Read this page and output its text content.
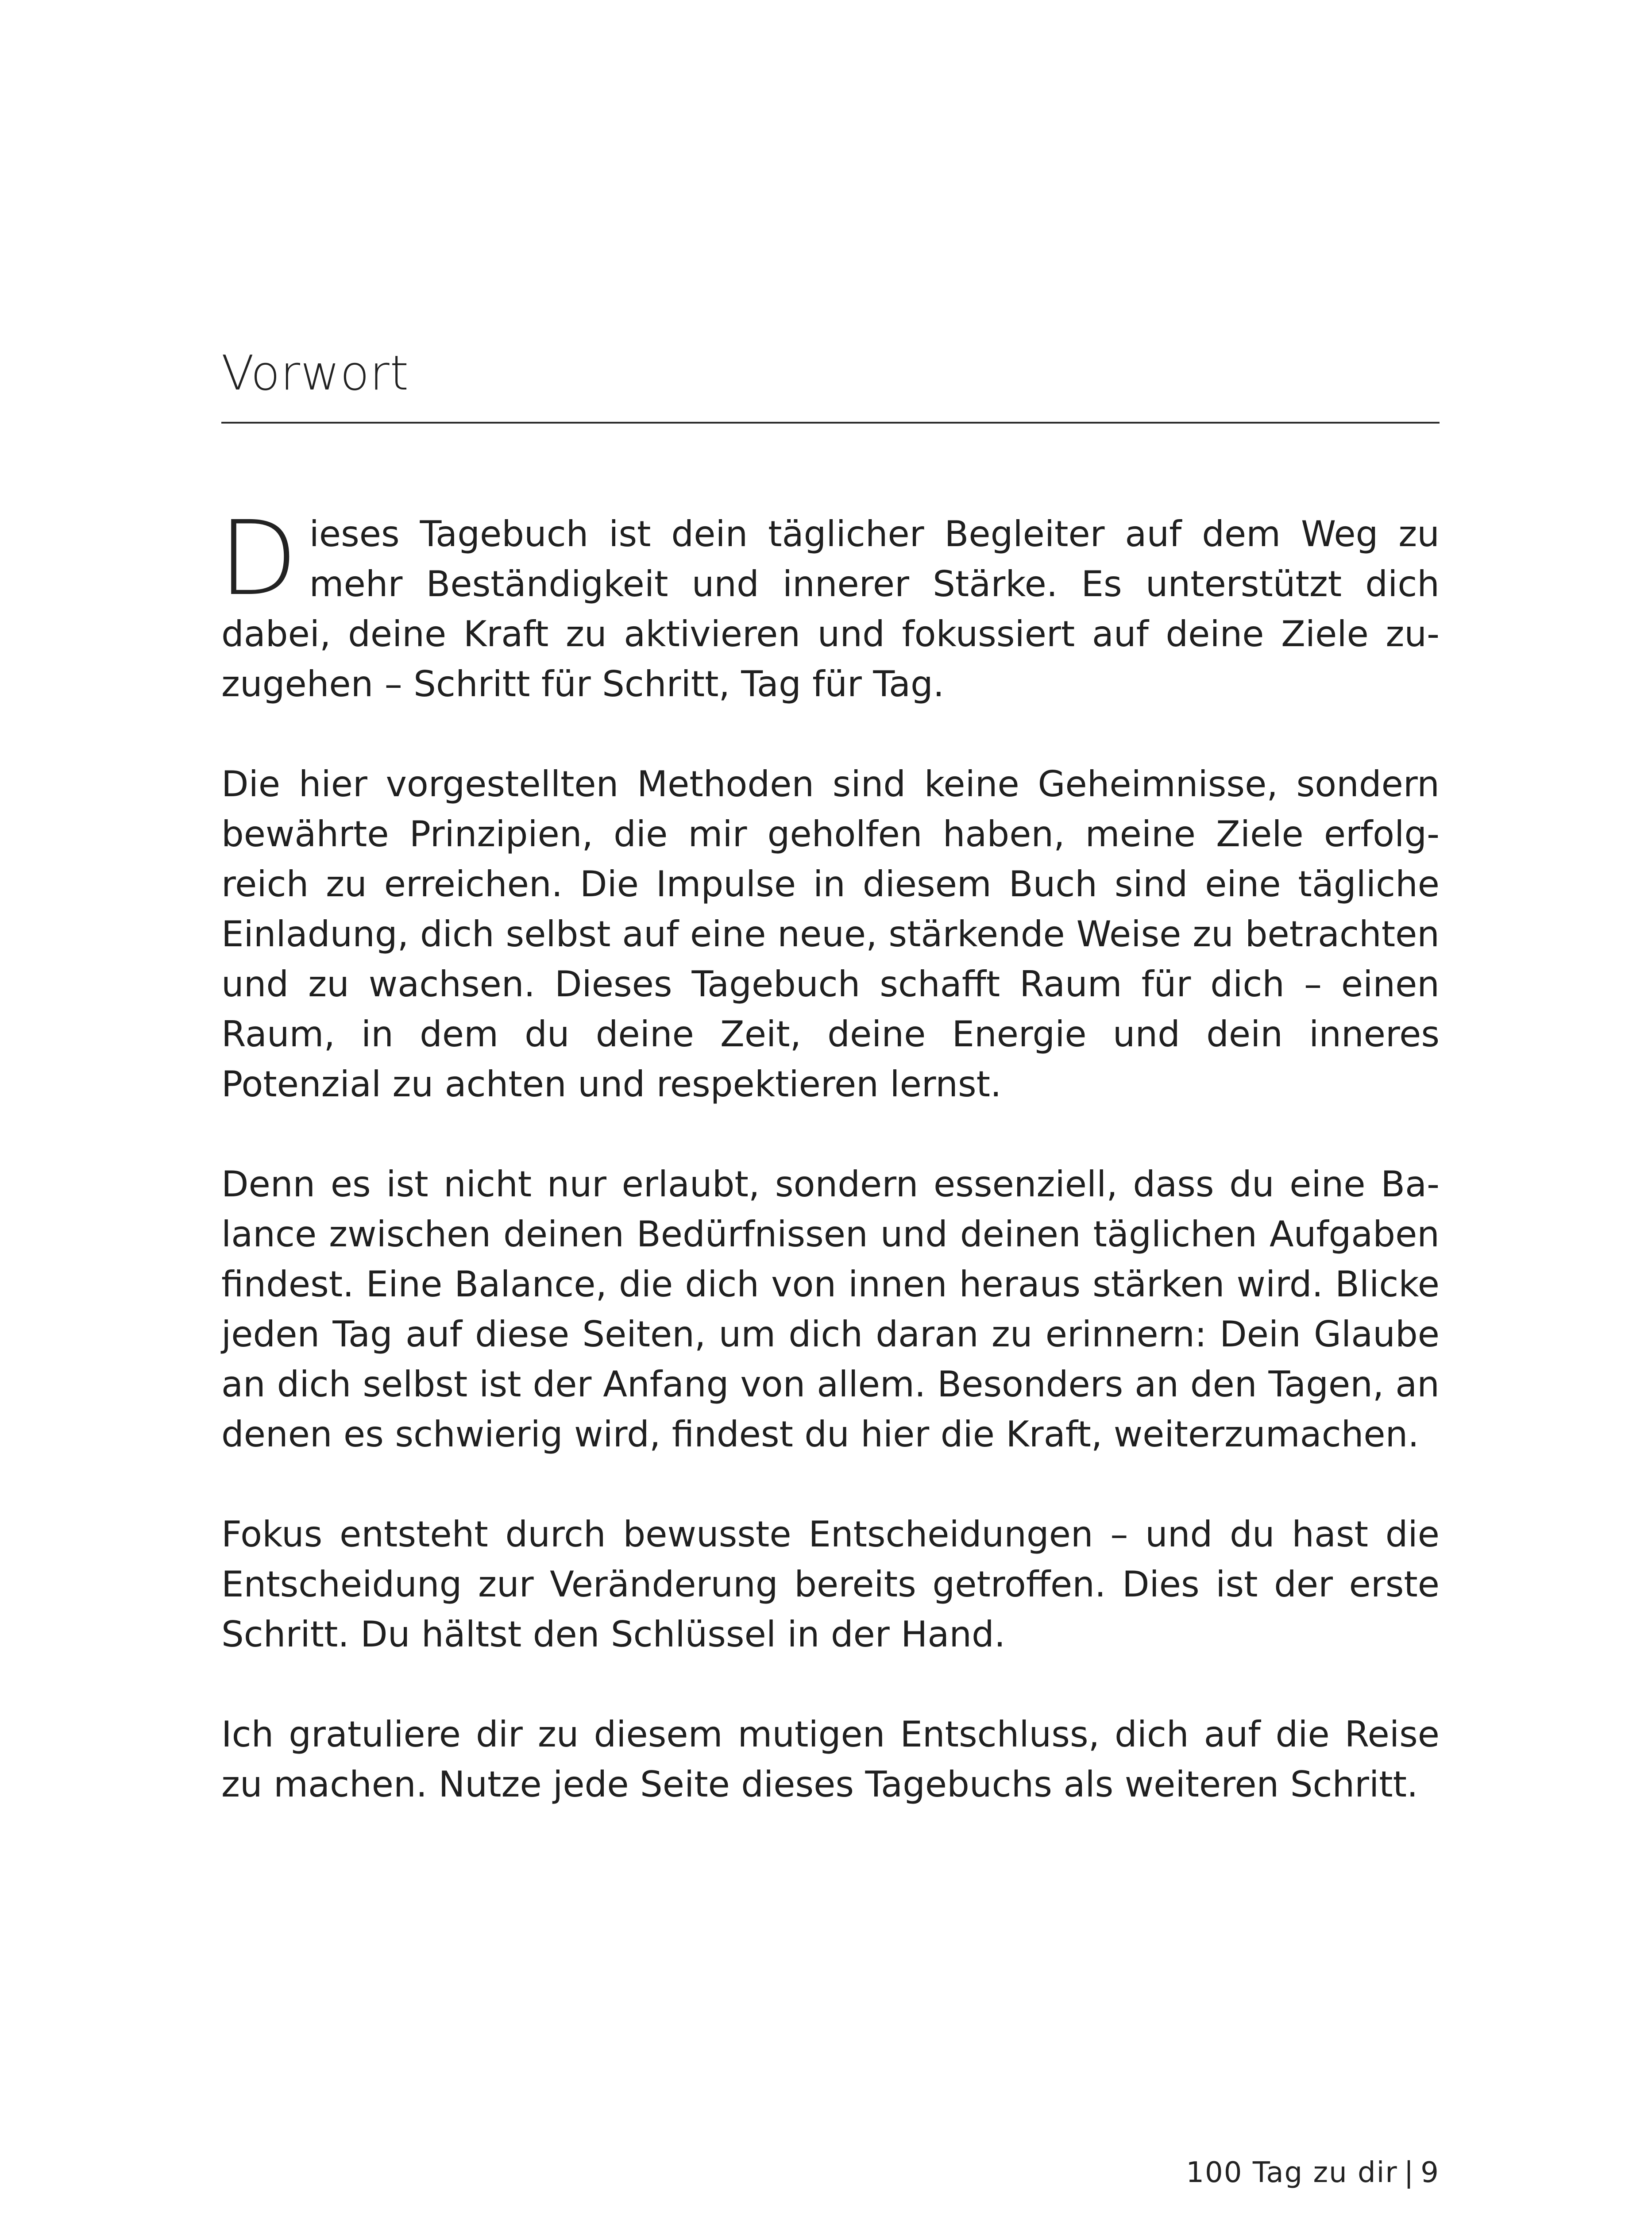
Vorwort

Dieses Tagebuch ist dein täglicher Begleiter auf dem Weg zu mehr Beständigkeit und innerer Stärke. Es unterstützt dich dabei, deine Kraft zu aktivieren und fokussiert auf deine Ziele zuzugehen – Schritt für Schritt, Tag für Tag.

Die hier vorgestellten Methoden sind keine Geheimnisse, sondern bewährte Prinzipien, die mir geholfen haben, meine Ziele erfolgreich zu erreichen. Die Impulse in diesem Buch sind eine tägliche Einladung, dich selbst auf eine neue, stärkende Weise zu betrachten und zu wachsen. Dieses Tagebuch schafft Raum für dich – einen Raum, in dem du deine Zeit, deine Energie und dein inneres Potenzial zu achten und respektieren lernst.

Denn es ist nicht nur erlaubt, sondern essenziell, dass du eine Balance zwischen deinen Bedürfnissen und deinen täglichen Aufgaben findest. Eine Balance, die dich von innen heraus stärken wird. Blicke jeden Tag auf diese Seiten, um dich daran zu erinnern: Dein Glaube an dich selbst ist der Anfang von allem. Besonders an den Tagen, an denen es schwierig wird, findest du hier die Kraft, weiterzumachen.

Fokus entsteht durch bewusste Entscheidungen – und du hast die Entscheidung zur Veränderung bereits getroffen. Dies ist der erste Schritt. Du hältst den Schlüssel in der Hand.

Ich gratuliere dir zu diesem mutigen Entschluss, dich auf die Reise zu machen. Nutze jede Seite dieses Tagebuchs als weiteren Schritt.

100 Tag zu dir | 9
